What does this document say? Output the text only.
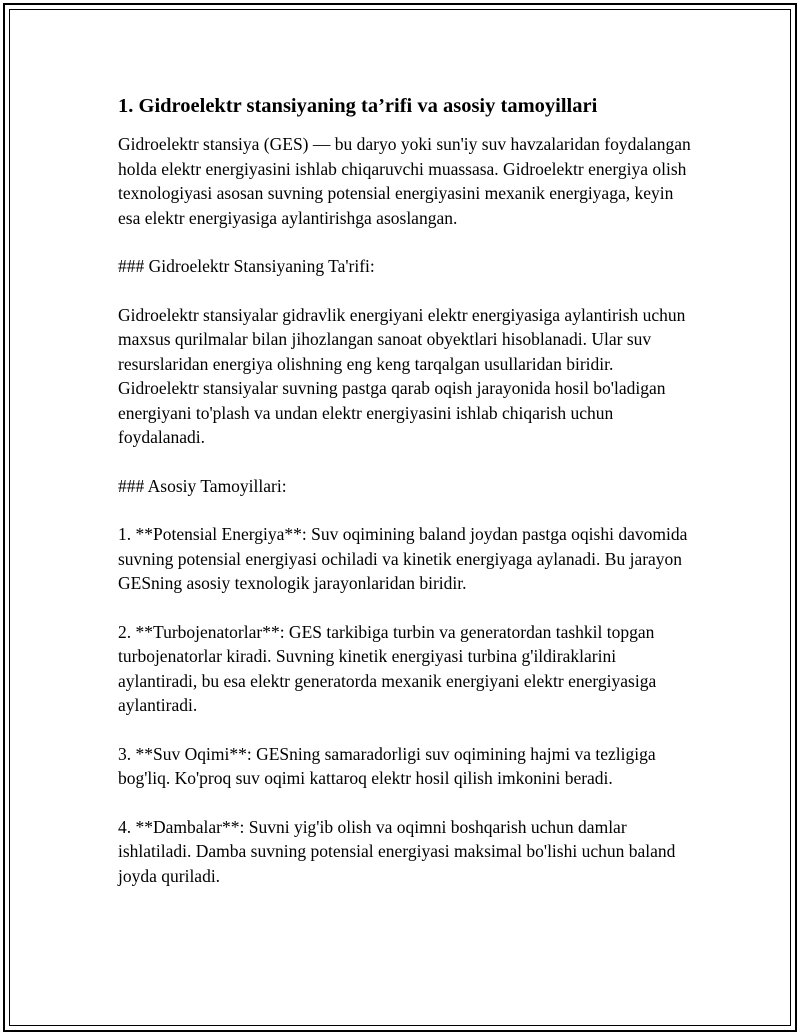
1. Gidroelektr stansiyaning ta’rifi va asosiy tamoyillari

Gidroelektr stansiya (GES) — bu daryo yoki sun'iy suv havzalaridan foydalangan holda elektr energiyasini ishlab chiqaruvchi muassasa. Gidroelektr energiya olish texnologiyasi asosan suvning potensial energiyasini mexanik energiyaga, keyin esa elektr energiyasiga aylantirishga asoslangan.

### Gidroelektr Stansiyaning Ta'rifi:

Gidroelektr stansiyalar gidravlik energiyani elektr energiyasiga aylantirish uchun maxsus qurilmalar bilan jihozlangan sanoat obyektlari hisoblanadi. Ular suv resurslaridan energiya olishning eng keng tarqalgan usullaridan biridir. Gidroelektr stansiyalar suvning pastga qarab oqish jarayonida hosil bo'ladigan energiyani to'plash va undan elektr energiyasini ishlab chiqarish uchun foydalanadi.

### Asosiy Tamoyillari:

1. **Potensial Energiya**: Suv oqimining baland joydan pastga oqishi davomida suvning potensial energiyasi ochiladi va kinetik energiyaga aylanadi. Bu jarayon GESning asosiy texnologik jarayonlaridan biridir.

2. **Turbojenatorlar**: GES tarkibiga turbin va generatordan tashkil topgan turbojenatorlar kiradi. Suvning kinetik energiyasi turbina g'ildiraklarini aylantiradi, bu esa elektr generatorda mexanik energiyani elektr energiyasiga aylantiradi.

3. **Suv Oqimi**: GESning samaradorligi suv oqimining hajmi va tezligiga bog'liq. Ko'proq suv oqimi kattaroq elektr hosil qilish imkonini beradi.

4. **Dambalar**: Suvni yig'ib olish va oqimni boshqarish uchun damlar ishlatiladi. Damba suvning potensial energiyasi maksimal bo'lishi uchun baland joyda quriladi.
